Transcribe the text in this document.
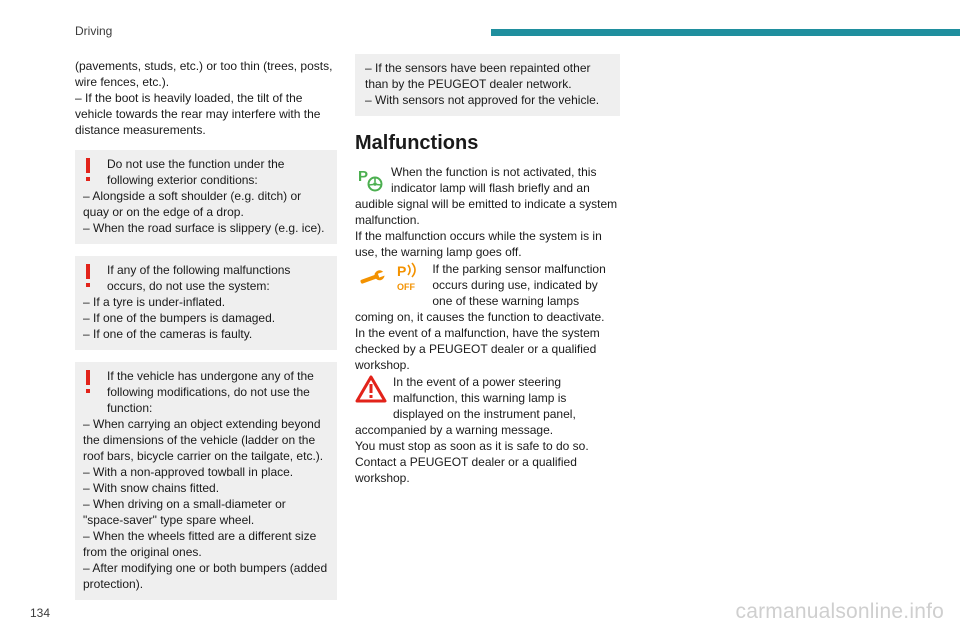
Driving

(pavements, studs, etc.) or too thin (trees, posts, wire fences, etc.).

– If the boot is heavily loaded, the tilt of the vehicle towards the rear may interfere with the distance measurements.

Do not use the function under the following exterior conditions:

– Alongside a soft shoulder (e.g. ditch) or quay or on the edge of a drop.

– When the road surface is slippery (e.g. ice).

If any of the following malfunctions occurs, do not use the system:

– If a tyre is under-inflated.

– If one of the bumpers is damaged.

– If one of the cameras is faulty.

If the vehicle has undergone any of the following modifications, do not use the function:

– When carrying an object extending beyond the dimensions of the vehicle (ladder on the roof bars, bicycle carrier on the tailgate, etc.).

– With a non-approved towball in place.

– With snow chains fitted.

– When driving on a small-diameter or "space-saver" type spare wheel.

– When the wheels fitted are a different size from the original ones.

– After modifying one or both bumpers (added protection).

– If the sensors have been repainted other than by the PEUGEOT dealer network.

– With sensors not approved for the vehicle.

Malfunctions
P	When the function is not activated, this indicator lamp will flash briefly and an audible signal will be emitted to indicate a system malfunction.

If the malfunction occurs while the system is in use, the warning lamp goes off.

P
OFF

If the parking sensor malfunction occurs during use, indicated by one of these warning lamps coming on, it causes the function to deactivate.

In the event of a malfunction, have the system checked by a PEUGEOT dealer or a qualified workshop.

In the event of a power steering malfunction, this warning lamp is displayed on the instrument panel, accompanied by a warning message.

You must stop as soon as it is safe to do so.

Contact a PEUGEOT dealer or a qualified workshop.

134	carmanualsonline.info
